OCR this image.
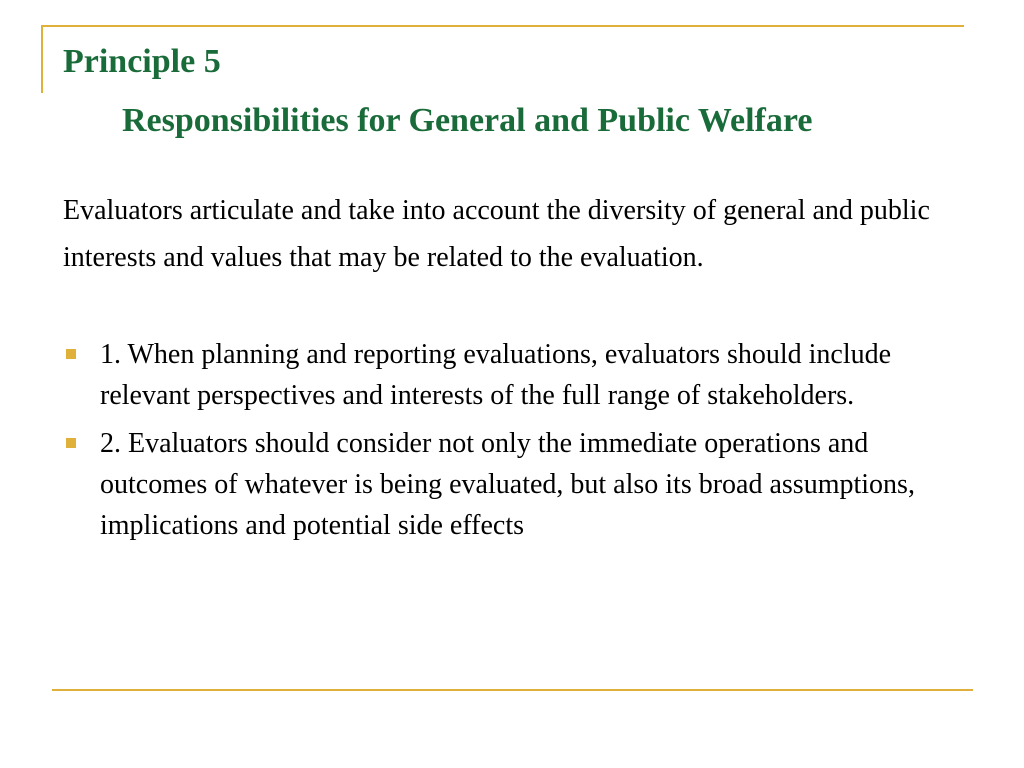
Principle 5
Responsibilities for General and Public Welfare
Evaluators articulate and take into account the diversity of general and public interests and values that may be related to the evaluation.
1. When planning and reporting evaluations, evaluators should include relevant perspectives and interests of the full range of stakeholders.
2. Evaluators should consider not only the immediate operations and outcomes of whatever is being evaluated, but also its broad assumptions, implications and potential side effects
